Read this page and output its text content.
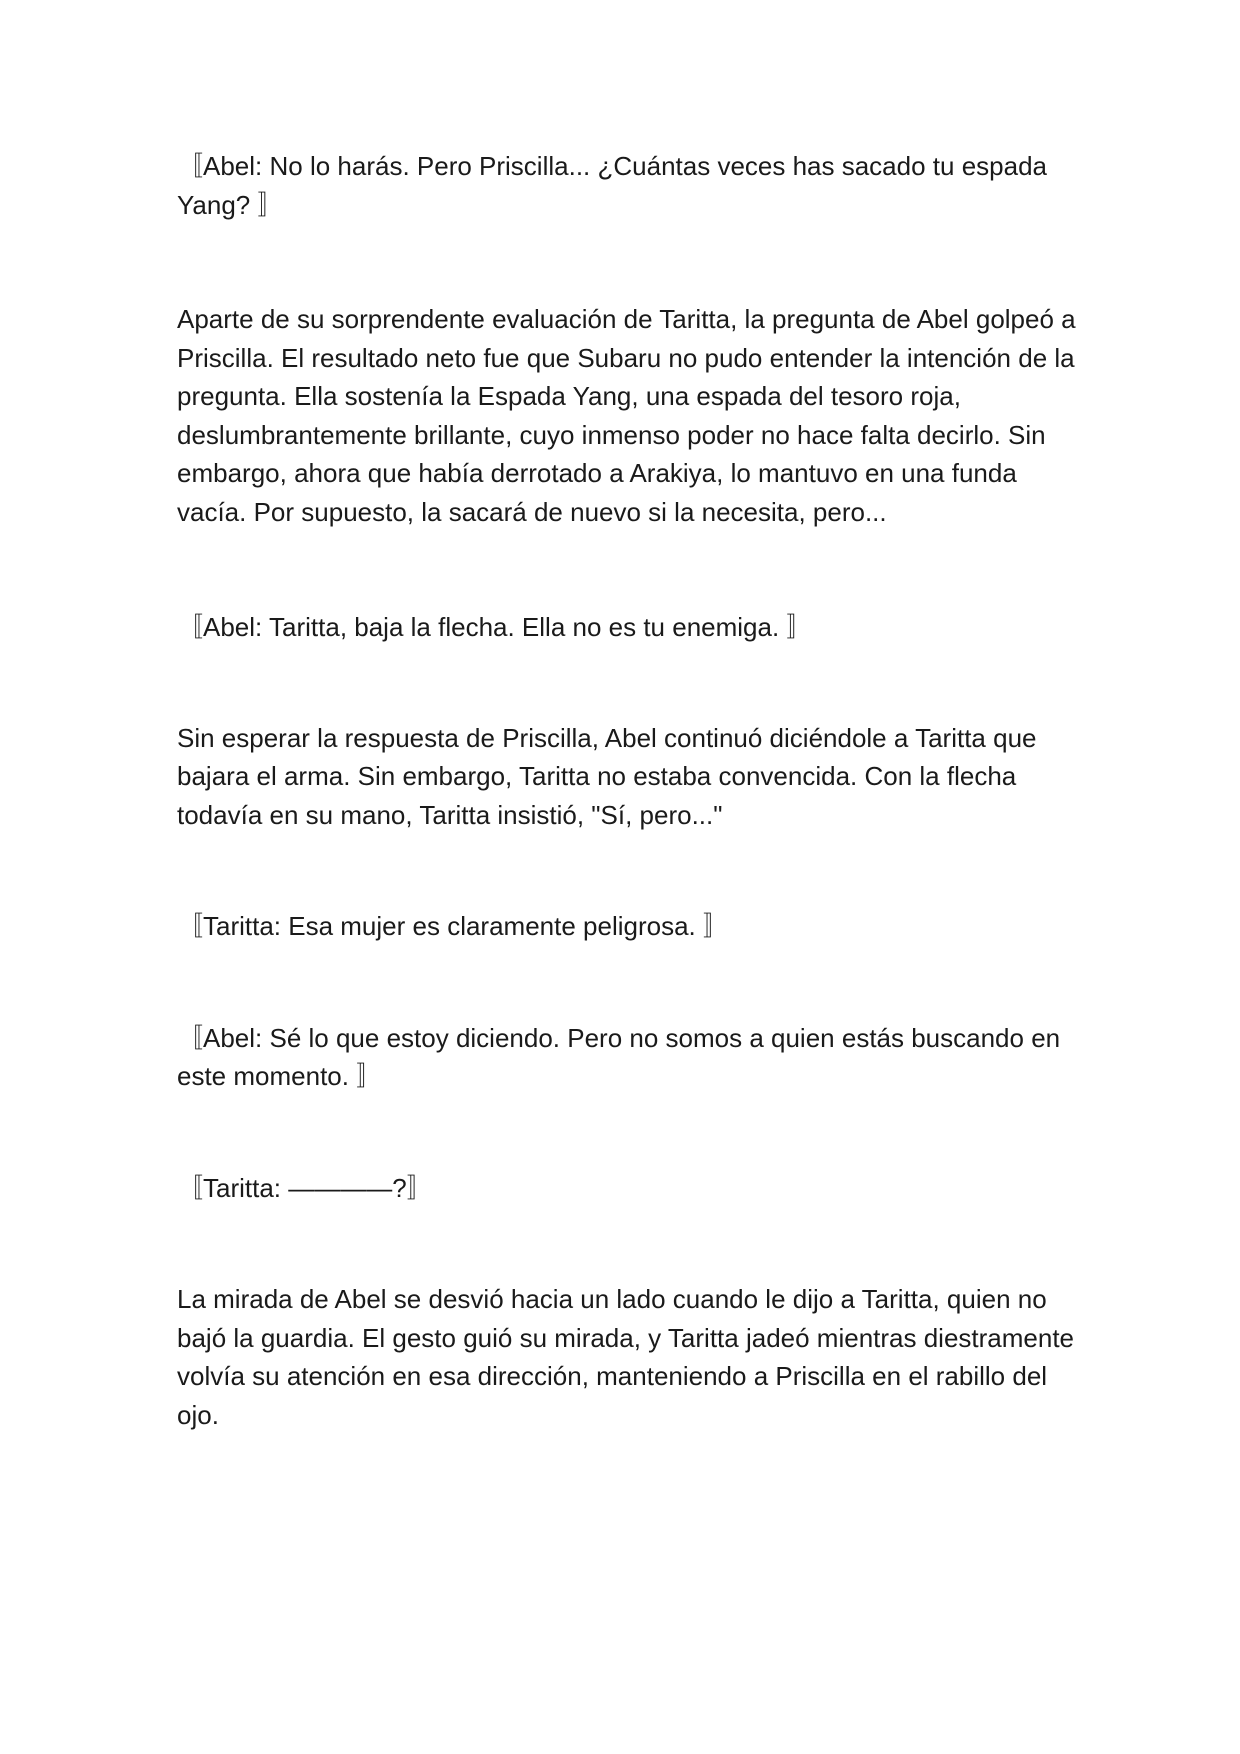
〚Abel: No lo harás. Pero Priscilla... ¿Cuántas veces has sacado tu espada Yang? 〛

Aparte de su sorprendente evaluación de Taritta, la pregunta de Abel golpeó a Priscilla. El resultado neto fue que Subaru no pudo entender la intención de la pregunta. Ella sostenía la Espada Yang, una espada del tesoro roja, deslumbrantemente brillante, cuyo inmenso poder no hace falta decirlo. Sin embargo, ahora que había derrotado a Arakiya, lo mantuvo en una funda vacía. Por supuesto, la sacará de nuevo si la necesita, pero...

〚Abel: Taritta, baja la flecha. Ella no es tu enemiga. 〛

Sin esperar la respuesta de Priscilla, Abel continuó diciéndole a Taritta que bajara el arma. Sin embargo, Taritta no estaba convencida. Con la flecha todavía en su mano, Taritta insistió, "Sí, pero..."

〚Taritta: Esa mujer es claramente peligrosa. 〛

〚Abel: Sé lo que estoy diciendo. Pero no somos a quien estás buscando en este momento. 〛

〚Taritta: ————?〛

La mirada de Abel se desvió hacia un lado cuando le dijo a Taritta, quien no bajó la guardia. El gesto guió su mirada, y Taritta jadeó mientras diestramente volvía su atención en esa dirección, manteniendo a Priscilla en el rabillo del ojo.
